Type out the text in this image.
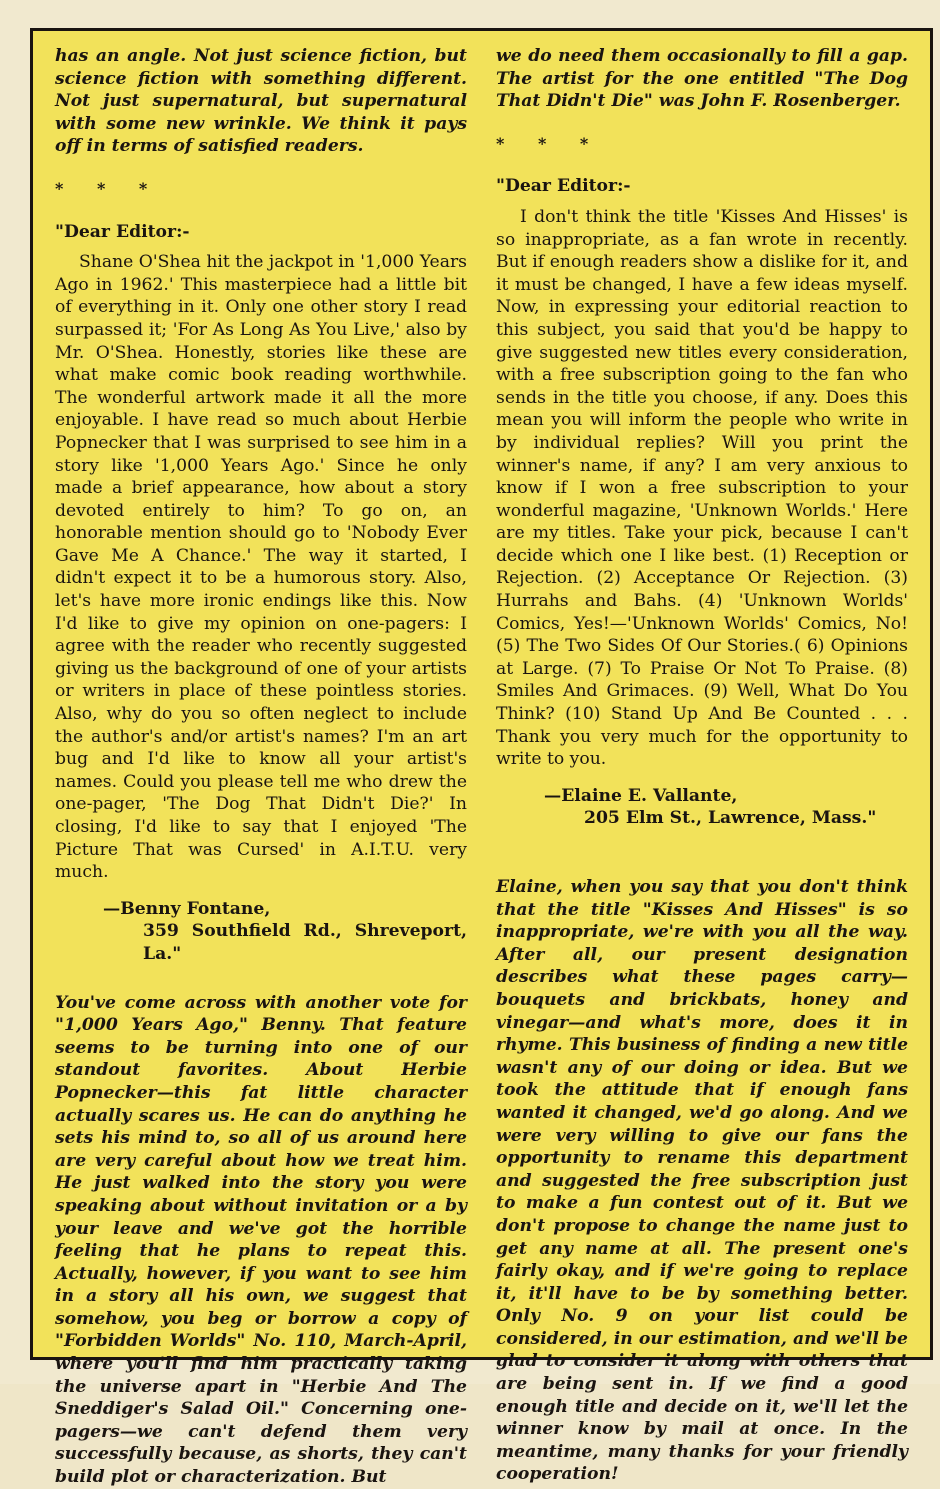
has an angle. Not just science fiction, but science fiction with something different. Not just supernatural, but supernatural with some new wrinkle. We think it pays off in terms of satisfied readers.

* * *

"Dear Editor:-

Shane O'Shea hit the jackpot in '1,000 Years Ago in 1962.' This masterpiece had a little bit of everything in it. Only one other story I read surpassed it; 'For As Long As You Live,' also by Mr. O'Shea. Honestly, stories like these are what make comic book reading worthwhile. The wonderful artwork made it all the more enjoyable. I have read so much about Herbie Popnecker that I was surprised to see him in a story like '1,000 Years Ago.' Since he only made a brief appearance, how about a story devoted entirely to him? To go on, an honorable mention should go to 'Nobody Ever Gave Me A Chance.' The way it started, I didn't expect it to be a humorous story. Also, let's have more ironic endings like this. Now I'd like to give my opinion on one-pagers: I agree with the reader who recently suggested giving us the background of one of your artists or writers in place of these pointless stories. Also, why do you so often neglect to include the author's and/or artist's names? I'm an art bug and I'd like to know all your artist's names. Could you please tell me who drew the one-pager, 'The Dog That Didn't Die?' In closing, I'd like to say that I enjoyed 'The Picture That was Cursed' in A.I.T.U. very much.

—Benny Fontane,
359 Southfield Rd., Shreveport, La."

You've come across with another vote for "1,000 Years Ago," Benny. That feature seems to be turning into one of our standout favorites. About Herbie Popnecker—this fat little character actually scares us. He can do anything he sets his mind to, so all of us around here are very careful about how we treat him. He just walked into the story you were speaking about without invitation or a by your leave and we've got the horrible feeling that he plans to repeat this. Actually, however, if you want to see him in a story all his own, we suggest that somehow, you beg or borrow a copy of "Forbidden Worlds" No. 110, March-April, where you'll find him practically taking the universe apart in "Herbie And The Sneddiger's Salad Oil." Concerning one-pagers—we can't defend them very successfully because, as shorts, they can't build plot or characterization. But

we do need them occasionally to fill a gap. The artist for the one entitled "The Dog That Didn't Die" was John F. Rosenberger.

* * *

"Dear Editor:-

I don't think the title 'Kisses And Hisses' is so inappropriate, as a fan wrote in recently. But if enough readers show a dislike for it, and it must be changed, I have a few ideas myself. Now, in expressing your editorial reaction to this subject, you said that you'd be happy to give suggested new titles every consideration, with a free subscription going to the fan who sends in the title you choose, if any. Does this mean you will inform the people who write in by individual replies? Will you print the winner's name, if any? I am very anxious to know if I won a free subscription to your wonderful magazine, 'Unknown Worlds.' Here are my titles. Take your pick, because I can't decide which one I like best. (1) Reception or Rejection. (2) Acceptance Or Rejection. (3) Hurrahs and Bahs. (4) 'Unknown Worlds' Comics, Yes!—'Unknown Worlds' Comics, No! (5) The Two Sides Of Our Stories.( 6) Opinions at Large. (7) To Praise Or Not To Praise. (8) Smiles And Grimaces. (9) Well, What Do You Think? (10) Stand Up And Be Counted . . . Thank you very much for the opportunity to write to you.

—Elaine E. Vallante,
205 Elm St., Lawrence, Mass."

Elaine, when you say that you don't think that the title "Kisses And Hisses" is so inappropriate, we're with you all the way. After all, our present designation describes what these pages carry—bouquets and brickbats, honey and vinegar—and what's more, does it in rhyme. This business of finding a new title wasn't any of our doing or idea. But we took the attitude that if enough fans wanted it changed, we'd go along. And we were very willing to give our fans the opportunity to rename this department and suggested the free subscription just to make a fun contest out of it. But we don't propose to change the name just to get any name at all. The present one's fairly okay, and if we're going to replace it, it'll have to be by something better. Only No. 9 on your list could be considered, in our estimation, and we'll be glad to consider it along with others that are being sent in. If we find a good enough title and decide on it, we'll let the winner know by mail at once. In the meantime, many thanks for your friendly cooperation!
